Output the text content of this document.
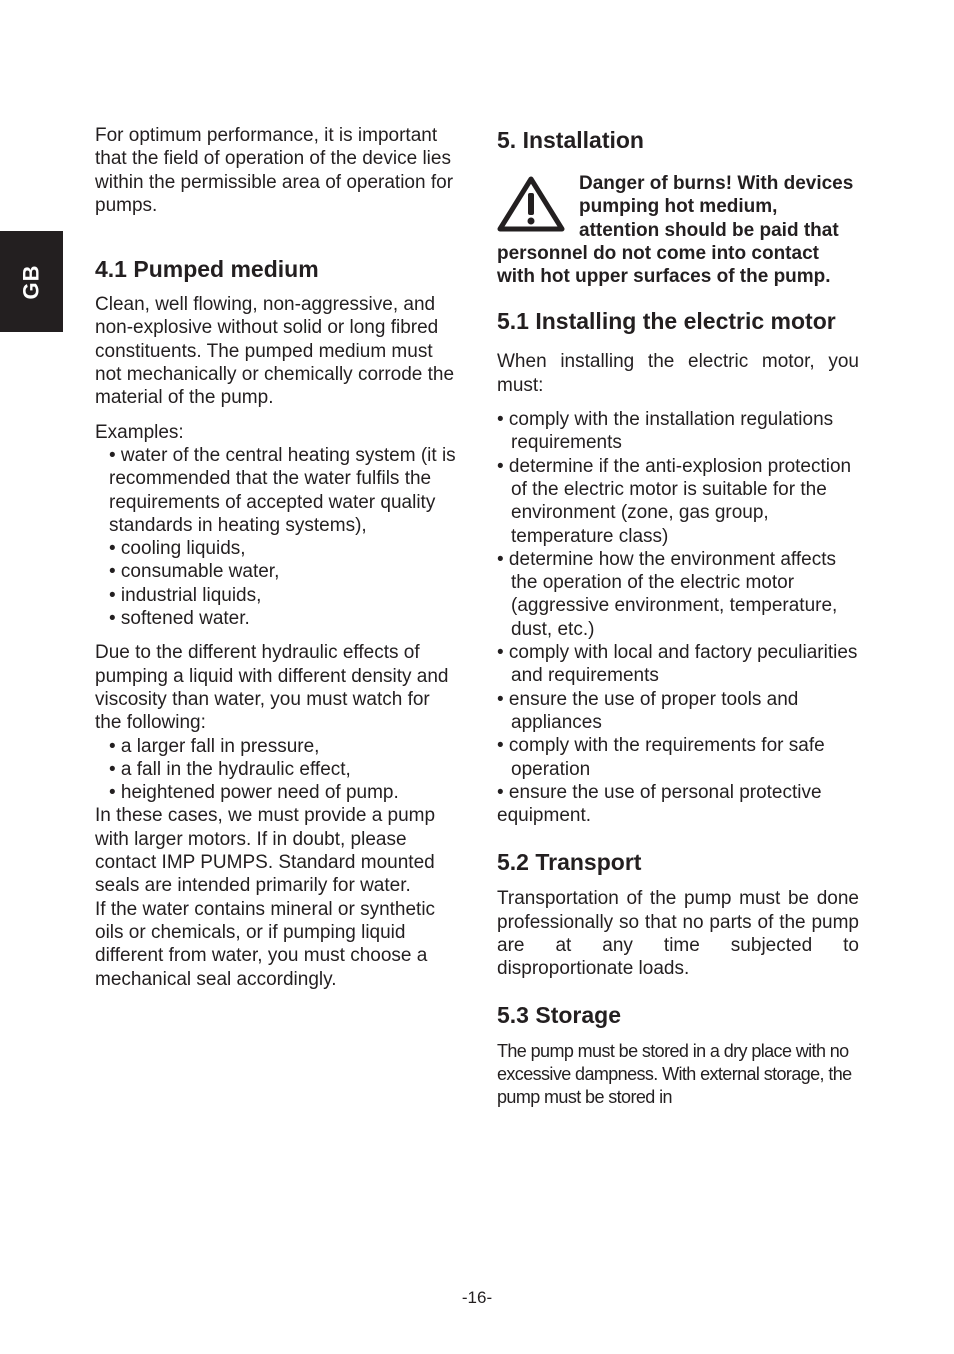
GB

For optimum performance, it is important that the field of operation of the device lies within the permissible area of operation for pumps.

4.1 Pumped medium

Clean, well flowing, non-aggressive, and non-explosive without solid or long fibred constituents. The pumped medium must not mechanically or chemically corrode the material of the pump.

Examples:

• water of the central heating system (it is recommended that the water fulfils the requirements of accepted water quality standards in heating systems),

• cooling liquids,

• consumable water,

• industrial liquids,

• softened water.

Due to the different hydraulic effects of pumping a liquid with different density and viscosity than water, you must watch for the following:

• a larger fall in pressure,

• a fall in the hydraulic effect,

• heightened power need of pump.

In these cases, we must provide a pump with larger motors. If in doubt, please contact IMP PUMPS. Standard mounted seals are intended primarily for water.

If the water contains mineral or synthetic oils or chemicals, or if pumping liquid different from water, you must choose a mechanical seal accordingly.

5. Installation

Danger of burns! With devices pumping hot medium, attention should be paid that personnel do not come into contact with hot upper surfaces of the pump.

5.1 Installing the electric motor

When installing the electric motor, you must:

• comply with the installation regulations requirements

• determine if the anti-explosion protection of the electric motor is suitable for the environment (zone, gas group, temperature class)

• determine how the environment affects the operation of the electric motor (aggressive environment, temperature, dust, etc.)

• comply with local and factory peculiarities and requirements

• ensure the use of proper tools and appliances

• comply with the requirements for safe operation

• ensure the use of personal protective equipment.

5.2 Transport

Transportation of the pump must be done professionally so that no parts of the pump are at any time subjected to disproportionate loads.

5.3 Storage

The pump must be stored in a dry place with no excessive dampness. With external storage, the pump must be stored in

-16-
